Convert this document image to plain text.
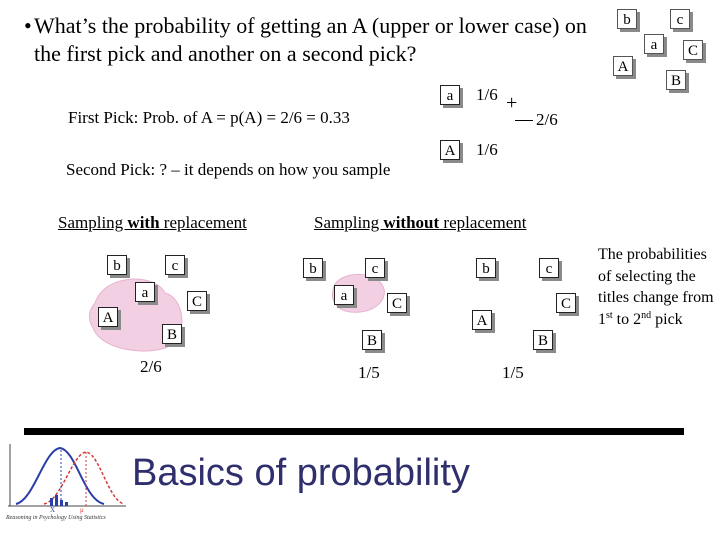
• What’s the probability of getting an A (upper or lower case) on the first pick and another on a second pick?
b	c
a	C
A
B
First Pick: Prob. of A = p(A) = 2/6 = 0.33
a
A
1/6
1/6
+
2/6
Second Pick: ? – it depends on how you sample
Sampling with replacement	Sampling without replacement
b	c
a
C
A
B
2/6
b	c
a	C
B
1/5
b	c
C
A
B
1/5
The probabilities of selecting the titles change from 1st to 2nd pick
X	μ
Reasoning in Psychology Using Statistics
Basics of probability
